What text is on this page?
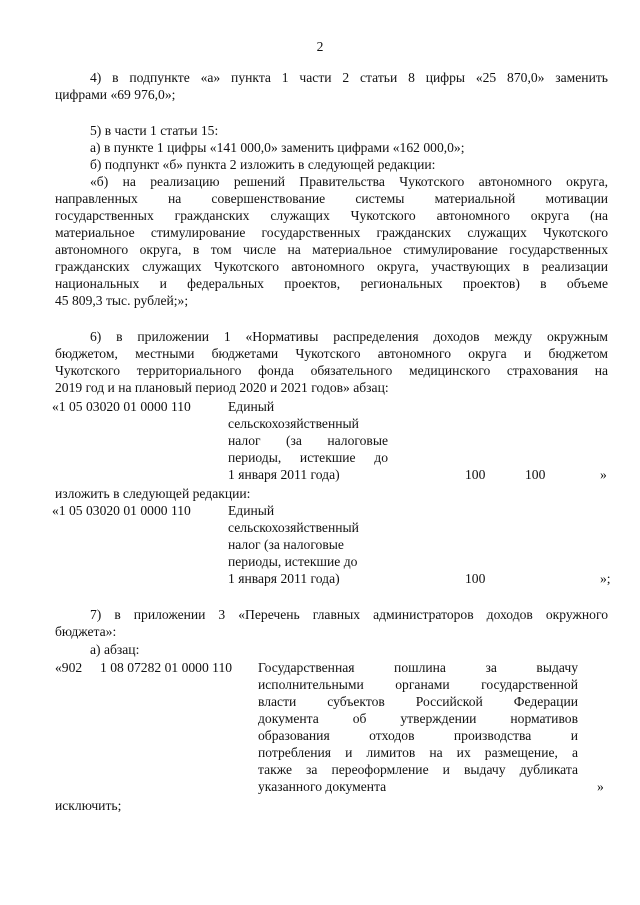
2
4) в подпункте «а» пункта 1 части 2 статьи 8 цифры «25 870,0» заменить
цифрами «69 976,0»;
5) в части 1 статьи 15:
а) в пункте 1 цифры «141 000,0» заменить цифрами «162 000,0»;
б) подпункт «б» пункта 2 изложить в следующей редакции:
«б) на реализацию решений Правительства Чукотского автономного округа,
направленных на совершенствование системы материальной мотивации
государственных гражданских служащих Чукотского автономного округа (на
материальное стимулирование государственных гражданских служащих Чукотского
автономного округа, в том числе на материальное стимулирование государственных
гражданских служащих Чукотского автономного округа, участвующих в реализации
национальных и федеральных проектов, региональных проектов) в объеме
45 809,3 тыс. рублей;»;
6) в приложении 1 «Нормативы распределения доходов между окружным
бюджетом, местными бюджетами Чукотского автономного округа и бюджетом
Чукотского территориального фонда обязательного медицинского страхования на
2019 год и на плановый период 2020 и 2021 годов» абзац:
«1 05 03020 01 0000 110	Единый
сельскохозяйственный
налог (за налоговые
периоды, истекшие до
1 января 2011 года)	100	100	»
изложить в следующей редакции:
«1 05 03020 01 0000 110	Единый
сельскохозяйственный
налог (за налоговые
периоды, истекшие до
1 января 2011 года)	100	»;
7) в приложении 3 «Перечень главных администраторов доходов окружного
бюджета»:
а) абзац:
«902 1 08 07282 01 0000 110 Государственная пошлина за выдачу
исполнительными органами государственной
власти субъектов Российской Федерации
документа об утверждении нормативов
образования отходов производства и
потребления и лимитов на их размещение, а
также за переоформление и выдачу дубликата
указанного документа	»
исключить;
